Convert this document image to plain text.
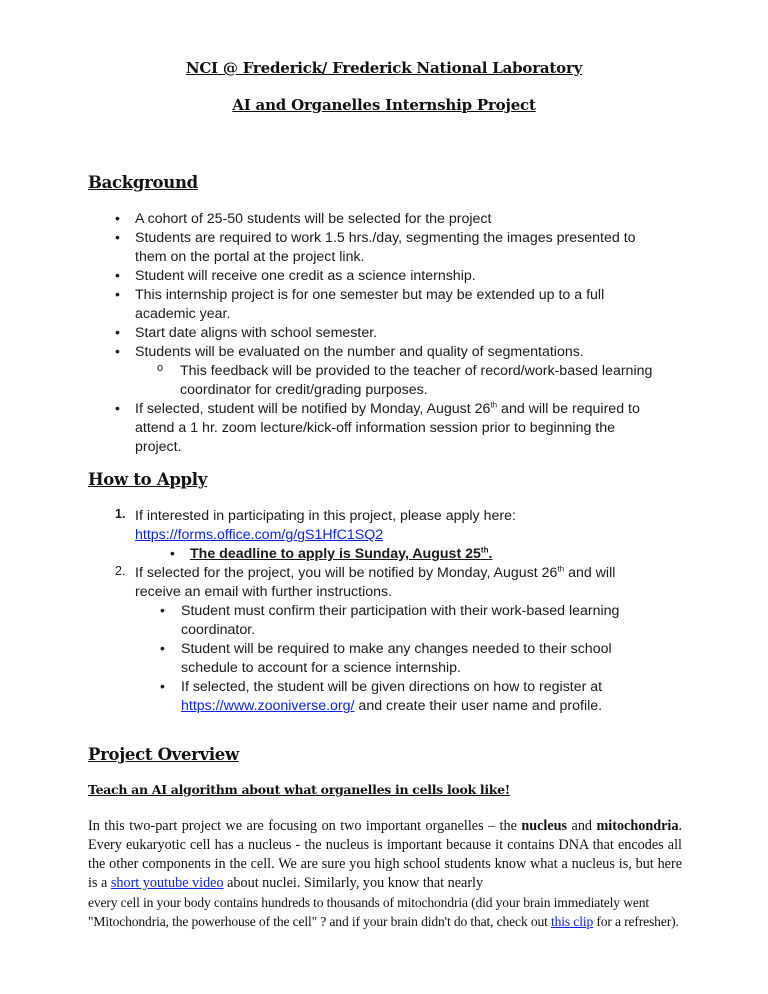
NCI @ Frederick/ Frederick National Laboratory
AI and Organelles Internship Project
Background
• A cohort of 25-50 students will be selected for the project
• Students are required to work 1.5 hrs./day, segmenting the images presented to
them on the portal at the project link.
• Student will receive one credit as a science internship.
• This internship project is for one semester but may be extended up to a full
academic year.
• Start date aligns with school semester.
• Students will be evaluated on the number and quality of segmentations.
o This feedback will be provided to the teacher of record/work-based learning
coordinator for credit/grading purposes.
• If selected, student will be notified by Monday, August 26th and will be required to
attend a 1 hr. zoom lecture/kick-off information session prior to beginning the
project.
How to Apply
1. If interested in participating in this project, please apply here:
https://forms.office.com/g/gS1HfC1SQ2
• The deadline to apply is Sunday, August 25th.
2. If selected for the project, you will be notified by Monday, August 26th and will
receive an email with further instructions.
• Student must confirm their participation with their work-based learning
coordinator.
• Student will be required to make any changes needed to their school
schedule to account for a science internship.
• If selected, the student will be given directions on how to register at
https://www.zooniverse.org/ and create their user name and profile.
Project Overview
Teach an AI algorithm about what organelles in cells look like!
In this two-part project we are focusing on two important organelles – the nucleus and mitochondria. Every eukaryotic cell has a nucleus - the nucleus is important because it contains DNA that encodes all the other components in the cell. We are sure you high school students know what a nucleus is, but here is a short youtube video about nuclei. Similarly, you know that nearly
every cell in your body contains hundreds to thousands of mitochondria (did your brain immediately went "Mitochondria, the powerhouse of the cell" ? and if your brain didn't do that, check out this clip for a refresher).
